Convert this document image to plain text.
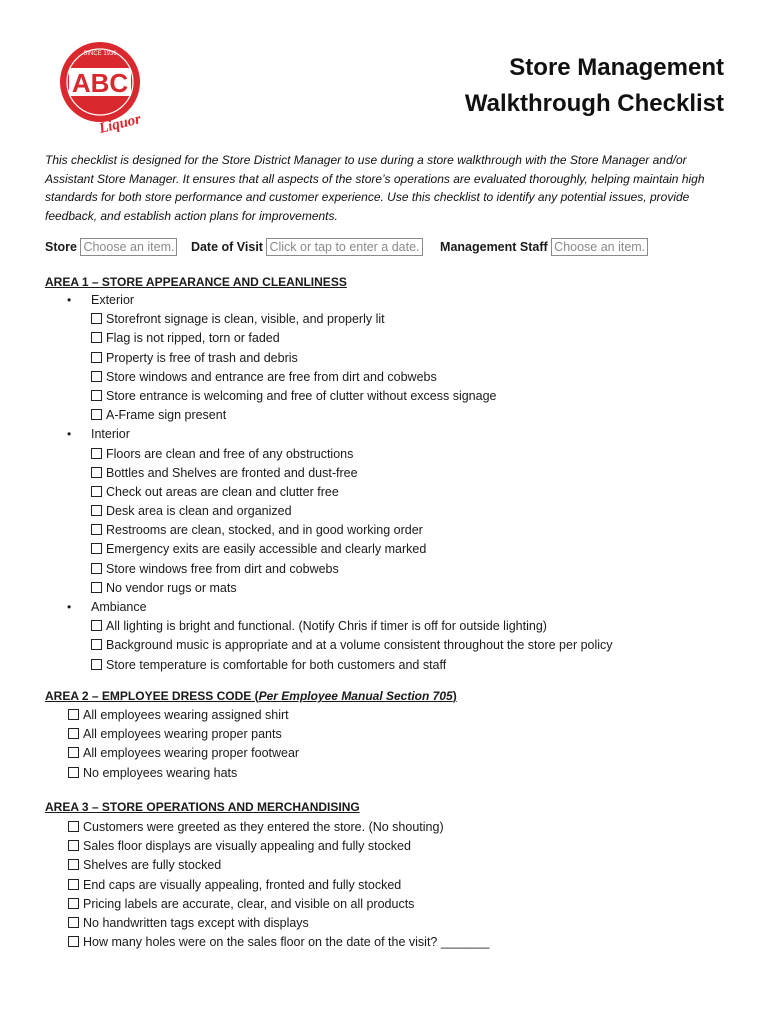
SINCE 1936
ABC
Liquor
Store Management
Walkthrough Checklist
This checklist is designed for the Store District Manager to use during a store walkthrough with the Store Manager and/or Assistant Store Manager. It ensures that all aspects of the store’s operations are evaluated thoroughly, helping maintain high standards for both store performance and customer experience. Use this checklist to identify any potential issues, provide feedback, and establish action plans for improvements.
Store Choose an item. Date of Visit Click or tap to enter a date. Management Staff Choose an item.
AREA 1 – STORE APPEARANCE AND CLEANLINESS
• Exterior
Storefront signage is clean, visible, and properly lit
Flag is not ripped, torn or faded
Property is free of trash and debris
Store windows and entrance are free from dirt and cobwebs
Store entrance is welcoming and free of clutter without excess signage
A-Frame sign present
• Interior
Floors are clean and free of any obstructions
Bottles and Shelves are fronted and dust-free
Check out areas are clean and clutter free
Desk area is clean and organized
Restrooms are clean, stocked, and in good working order
Emergency exits are easily accessible and clearly marked
Store windows free from dirt and cobwebs
No vendor rugs or mats
• Ambiance
All lighting is bright and functional. (Notify Chris if timer is off for outside lighting)
Background music is appropriate and at a volume consistent throughout the store per policy
Store temperature is comfortable for both customers and staff
AREA 2 – EMPLOYEE DRESS CODE (Per Employee Manual Section 705)
All employees wearing assigned shirt
All employees wearing proper pants
All employees wearing proper footwear
No employees wearing hats
AREA 3 – STORE OPERATIONS AND MERCHANDISING
Customers were greeted as they entered the store. (No shouting)
Sales floor displays are visually appealing and fully stocked
Shelves are fully stocked
End caps are visually appealing, fronted and fully stocked
Pricing labels are accurate, clear, and visible on all products
No handwritten tags except with displays
How many holes were on the sales floor on the date of the visit? _______
